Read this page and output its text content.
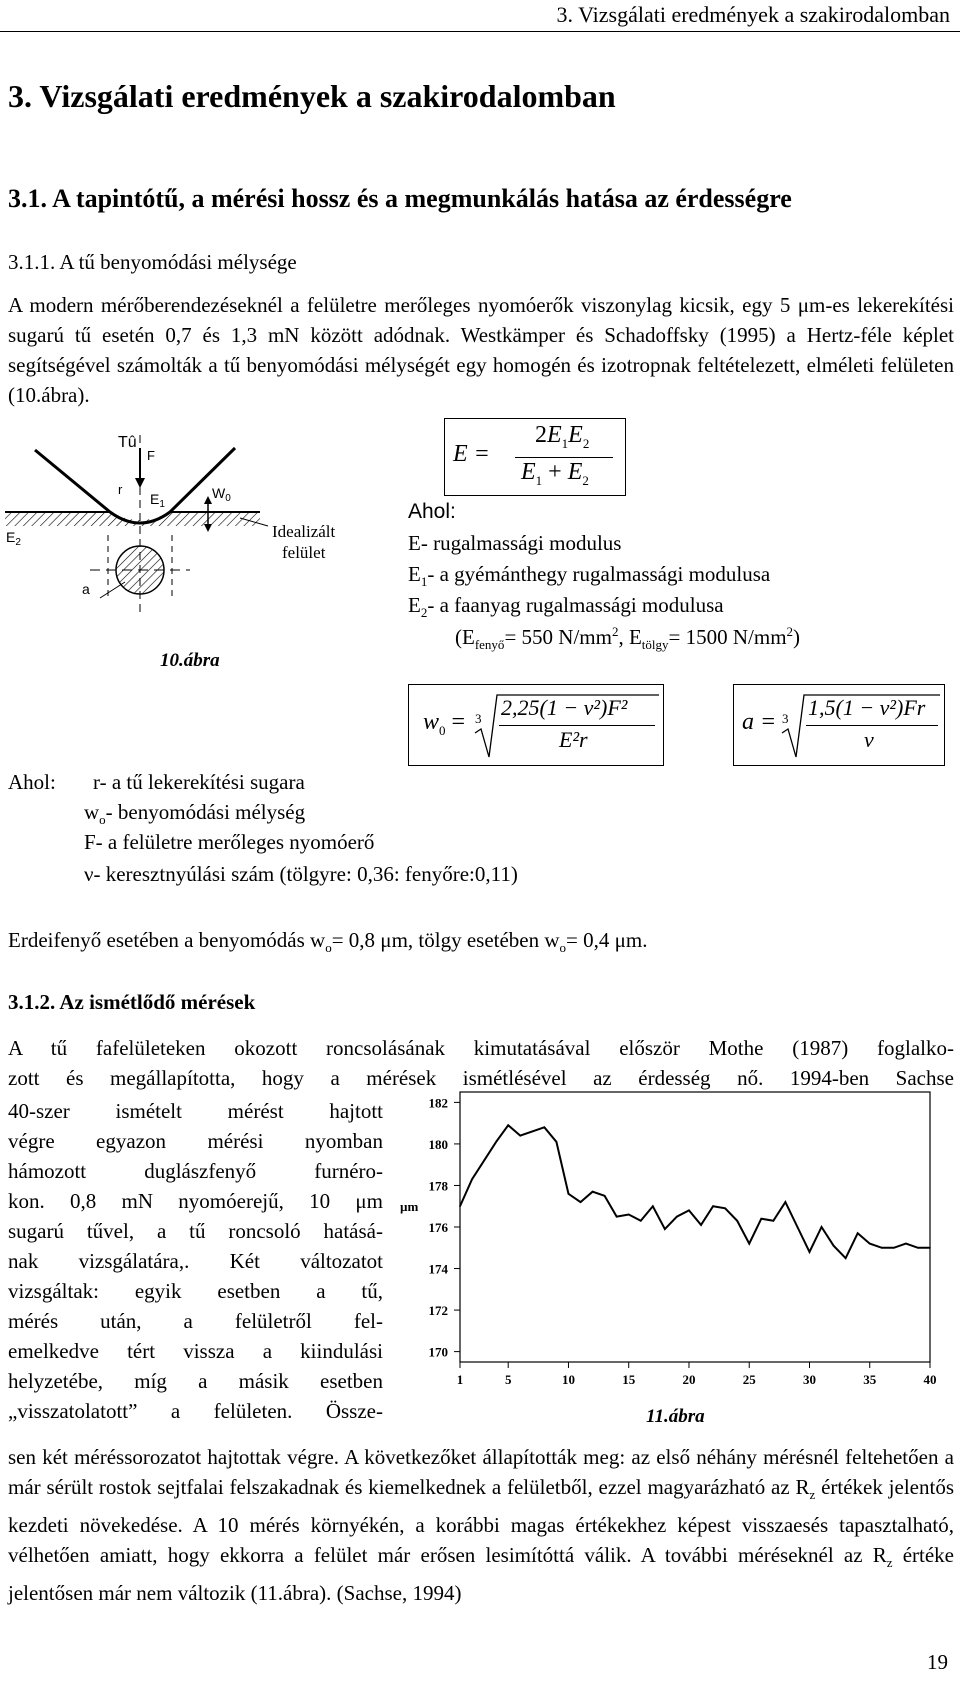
3. Vizsgálati eredmények a szakirodalomban
3. Vizsgálati eredmények a szakirodalomban
3.1. A tapintótű, a mérési hossz és a megmunkálás hatása az érdességre
3.1.1. A tű benyomódási mélysége
A modern mérőberendezéseknél a felületre merőleges nyomóerők viszonylag kicsik, egy 5 μm-es lekerekítési sugarú tű esetén 0,7 és 1,3 mN között adódnak. Westkämper és Schadoffsky (1995) a Hertz-féle képlet segítségével számolták a tű benyomódási mélységét egy homogén és izotropnak feltételezett, elméleti felületen (10.ábra).
Tû
F
r
$E_1$
$W_0$
$E_2$
a
Idealizált
felület
10.ábra
E =
$2E_1E_2$
$E_1 + E_2$
Ahol:
E- rugalmassági modulus
$E_1-$ a gyémánthegy rugalmassági modulusa
$E_2-$ a faanyag rugalmassági modulusa
($E_{fenyő}= 550$ $N/mm^2$, $E_{tölgy}= 1500$ $N/mm^2$)
$w_0 = 3$ 2,25(1 − ν²)F²
E²r
a = 3 1,5(1 − ν²)Fr
ν
Ahol: r- a tű lekerekítési sugara
$w_o-$ benyomódási mélység
F- a felületre merőleges nyomóerő
ν- keresztnyúlási szám (tölgyre: 0,36: fenyőre:0,11)
Erdeifenyő esetében a benyomódás $w_o= 0,8$ μm, tölgy esetében $w_o= 0,4$ μm.
3.1.2. Az ismétlődő mérések
A tű fafelületeken okozott roncsolásának kimutatásával először Mothe (1987) foglalko-
zott és megállapította, hogy a mérések ismétlésével az érdesség nő. 1994-ben Sachse
40-szer ismételt mérést hajtott
végre egyazon mérési nyomban
hámozott duglászfenyő furnéro-
kon. 0,8 mN nyomóerejű, 10 μm
sugarú tűvel, a tű roncsoló hatásá-
nak vizsgálatára,. Két változatot
vizsgáltak: egyik esetben a tű,
mérés után, a felületről fel-
emelkedve tért vissza a kiindulási
helyzetébe, míg a másik esetben
„visszatolatott” a felületen. Össze-
170
172
174
176
178
180
182
1	5	10	15	20	25	30	35	40
µm
11.ábra
sen két méréssorozatot hajtottak végre. A következőket állapították meg: az első néhány mérésnél feltehetően a már sérült rostok sejtfalai felszakadnak és kiemelkednek a felületből, ezzel magyarázható az $R_z$ értékek jelentős kezdeti növekedése. A 10 mérés környékén, a korábbi magas értékekhez képest visszaesés tapasztalható, vélhetően amiatt, hogy ekkorra a felület már erősen lesimítóttá válik. A további méréseknél az $R_z$ értéke jelentősen már nem változik (11.ábra). (Sachse, 1994)
19
